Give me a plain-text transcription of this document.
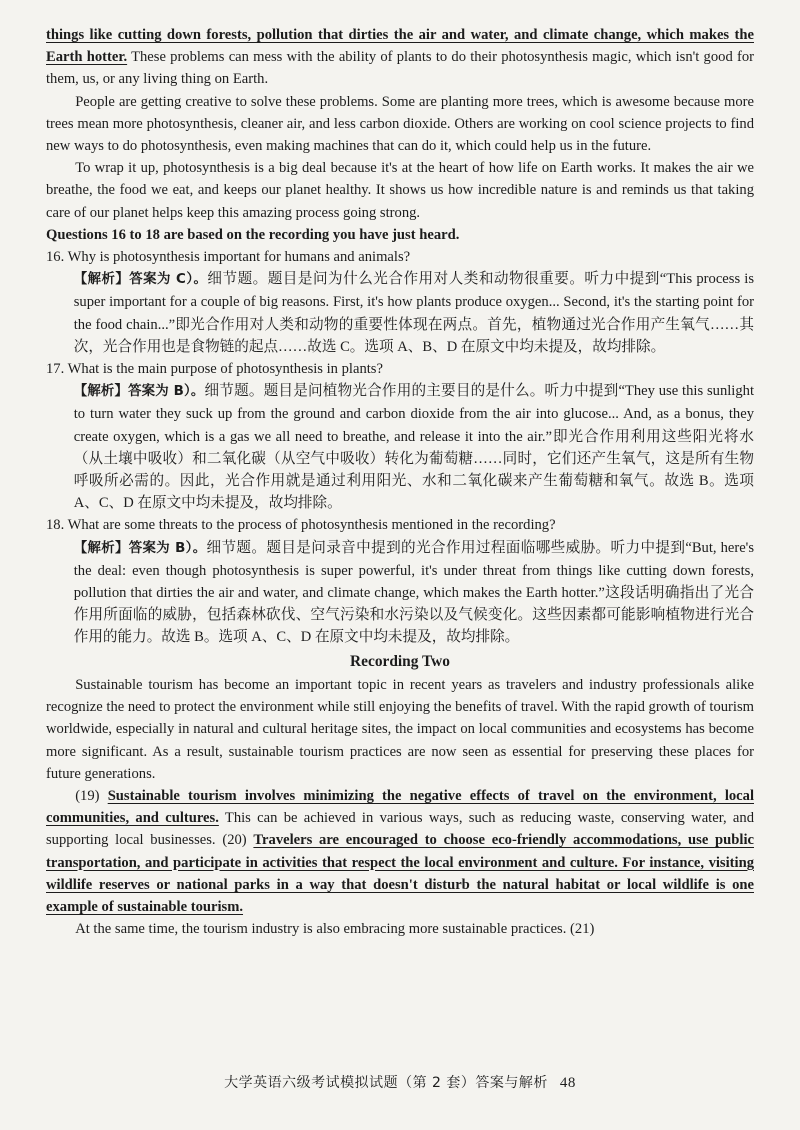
things like cutting down forests, pollution that dirties the air and water, and climate change, which makes the Earth hotter. These problems can mess with the ability of plants to do their photosynthesis magic, which isn't good for them, us, or any living thing on Earth.

People are getting creative to solve these problems. Some are planting more trees, which is awesome because more trees mean more photosynthesis, cleaner air, and less carbon dioxide. Others are working on cool science projects to find new ways to do photosynthesis, even making machines that can do it, which could help us in the future.

To wrap it up, photosynthesis is a big deal because it's at the heart of how life on Earth works. It makes the air we breathe, the food we eat, and keeps our planet healthy. It shows us how incredible nature is and reminds us that taking care of our planet helps keep this amazing process going strong.

Questions 16 to 18 are based on the recording you have just heard.

16. Why is photosynthesis important for humans and animals?

【解析】答案为 C）。细节题。题目是问为什么光合作用对人类和动物很重要。听力中提到“This process is super important for a couple of big reasons. First, it's how plants produce oxygen... Second, it's the starting point for the food chain...”即光合作用对人类和动物的重要性体现在两点。首先，植物通过光合作用产生氧气……其次，光合作用也是食物链的起点……故选 C。选项 A、B、D 在原文中均未提及，故均排除。

17. What is the main purpose of photosynthesis in plants?

【解析】答案为 B）。细节题。题目是问植物光合作用的主要目的是什么。听力中提到“They use this sunlight to turn water they suck up from the ground and carbon dioxide from the air into glucose... And, as a bonus, they create oxygen, which is a gas we all need to breathe, and release it into the air.”即光合作用利用这些阳光将水（从土壤中吸收）和二氧化碳（从空气中吸收）转化为葡萄糖……同时，它们还产生氧气，这是所有生物呼吸所必需的。因此，光合作用就是通过利用阳光、水和二氧化碳来产生葡萄糖和氧气。故选 B。选项 A、C、D 在原文中均未提及，故均排除。

18. What are some threats to the process of photosynthesis mentioned in the recording?

【解析】答案为 B）。细节题。题目是问录音中提到的光合作用过程面临哪些威胁。听力中提到“But, here's the deal: even though photosynthesis is super powerful, it's under threat from things like cutting down forests, pollution that dirties the air and water, and climate change, which makes the Earth hotter.”这段话明确指出了光合作用所面临的威胁，包括森林砍伐、空气污染和水污染以及气候变化。这些因素都可能影响植物进行光合作用的能力。故选 B。选项 A、C、D 在原文中均未提及，故均排除。

Recording Two

Sustainable tourism has become an important topic in recent years as travelers and industry professionals alike recognize the need to protect the environment while still enjoying the benefits of travel. With the rapid growth of tourism worldwide, especially in natural and cultural heritage sites, the impact on local communities and ecosystems has become more significant. As a result, sustainable tourism practices are now seen as essential for preserving these places for future generations.

(19) Sustainable tourism involves minimizing the negative effects of travel on the environment, local communities, and cultures. This can be achieved in various ways, such as reducing waste, conserving water, and supporting local businesses. (20) Travelers are encouraged to choose eco-friendly accommodations, use public transportation, and participate in activities that respect the local environment and culture. For instance, visiting wildlife reserves or national parks in a way that doesn't disturb the natural habitat or local wildlife is one example of sustainable tourism.

At the same time, the tourism industry is also embracing more sustainable practices. (21)

大学英语六级考试模拟试题（第 2 套）答案与解析 48
